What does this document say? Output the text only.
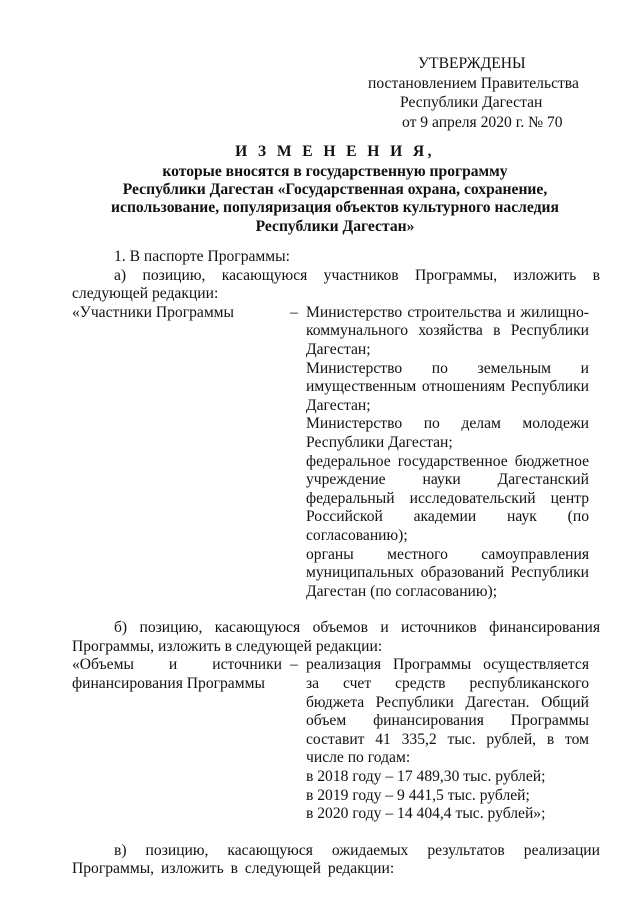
УТВЕРЖДЕНЫ
постановлением Правительства
Республики Дагестан
от 9 апреля 2020 г. № 70
И З М Е Н Е Н И Я,
которые вносятся в государственную программу
Республики Дагестан «Государственная охрана, сохранение,
использование, популяризация объектов культурного наследия
Республики Дагестан»
1. В паспорте Программы:
а) позицию, касающуюся участников Программы, изложить в следующей редакции:
«Участники Программы	– Министерство строительства и жилищно-коммунального хозяйства в Республики Дагестан;
Министерство по земельным и имущественным отношениям Республики Дагестан;
Министерство по делам молодежи Республики Дагестан;
федеральное государственное бюджетное учреждение науки Дагестанский федеральный исследовательский центр Российской академии наук (по согласованию);
органы местного самоуправления муниципальных образований Республики Дагестан (по согласованию);
б) позицию, касающуюся объемов и источников финансирования Программы, изложить в следующей редакции:
«Объемы и источники финансирования Программы
– реализация Программы осуществляется за счет средств республиканского бюджета Республики Дагестан. Общий объем финансирования Программы составит 41 335,2 тыс. рублей, в том числе по годам:
в 2018 году – 17 489,30 тыс. рублей;
в 2019 году – 9 441,5 тыс. рублей;
в 2020 году – 14 404,4 тыс. рублей»;
в) позицию, касающуюся ожидаемых результатов реализации Программы, изложить в следующей редакции:
